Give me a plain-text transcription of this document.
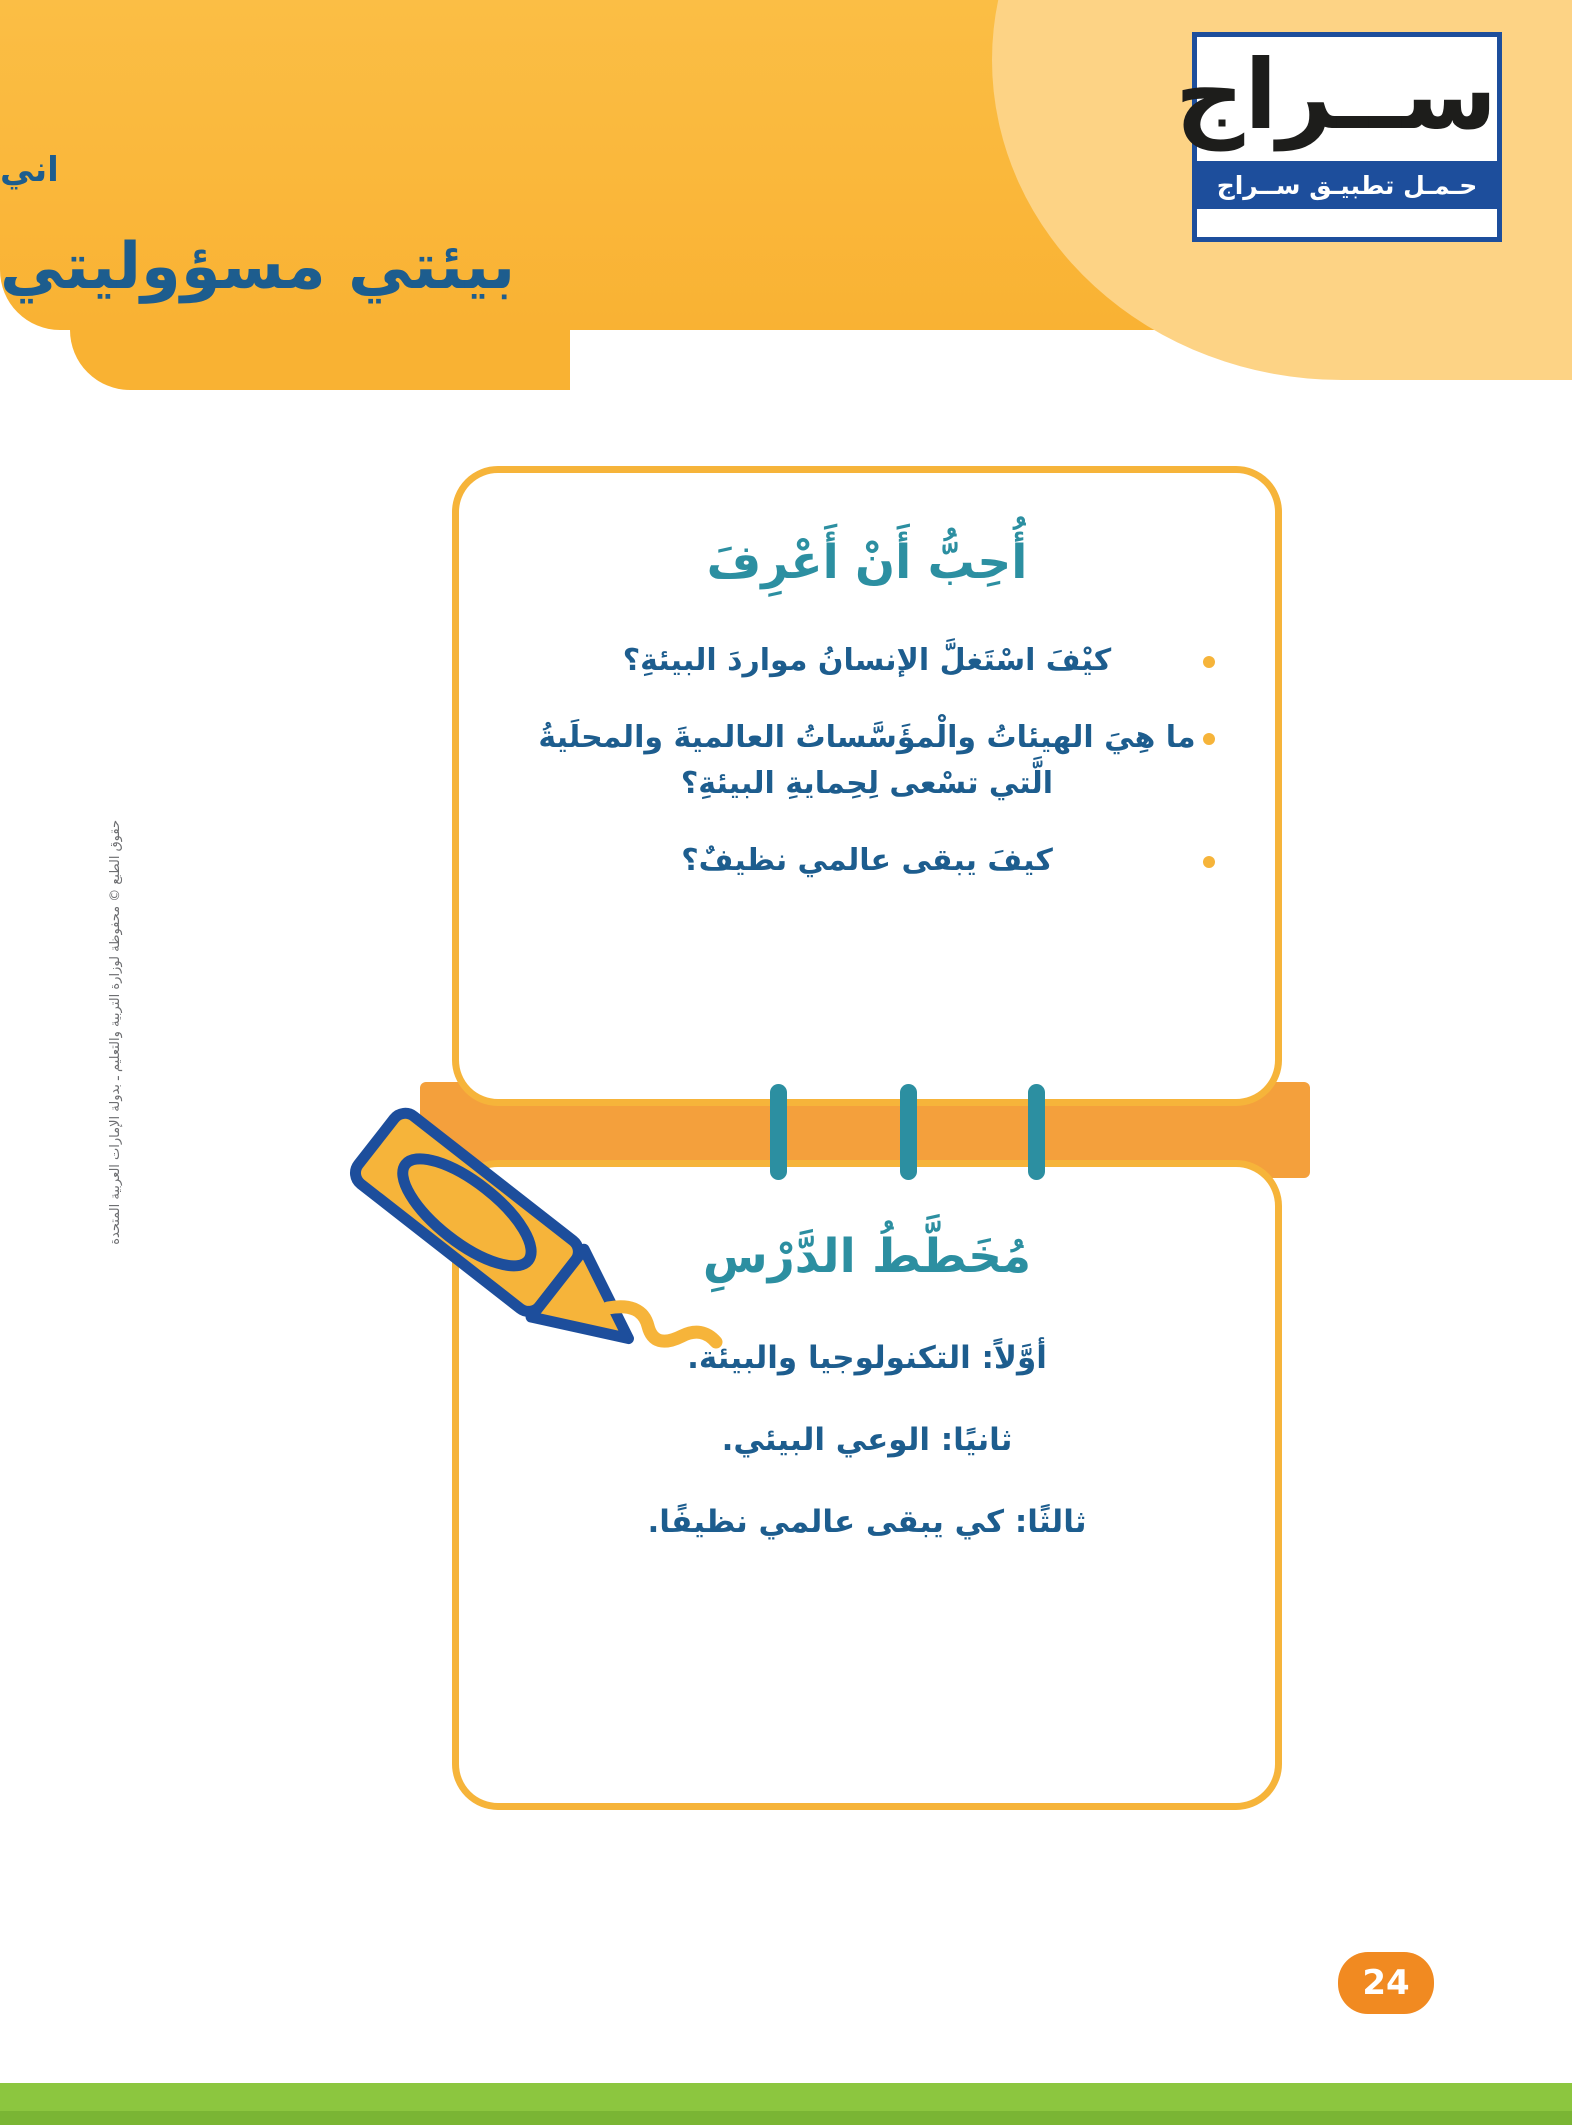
اني
بيئتي مسؤوليتي
ســراج
حـمـل تطبيـق ســراج
أُحِبُّ أَنْ أَعْرِفَ
كيْفَ اسْتَغلَّ الإنسانُ مواردَ البيئةِ؟
ما هِيَ الهيئاتُ والْمؤَسَّساتُ العالميةَ والمحلَيةُ الَّتي تسْعى لِحِمايةِ البيئةِ؟
كيفَ يبقى عالمي نظيفٌ؟
مُخَطَّطُ الدَّرْسِ
أوَّلاً: التكنولوجيا والبيئة.
ثانيًا: الوعي البيئي.
ثالثًا: كي يبقى عالمي نظيفًا.
حقوق الطبع © محفوظة لوزارة التربية والتعليم ـ بدولة الإمارات العربية المتحدة
24
